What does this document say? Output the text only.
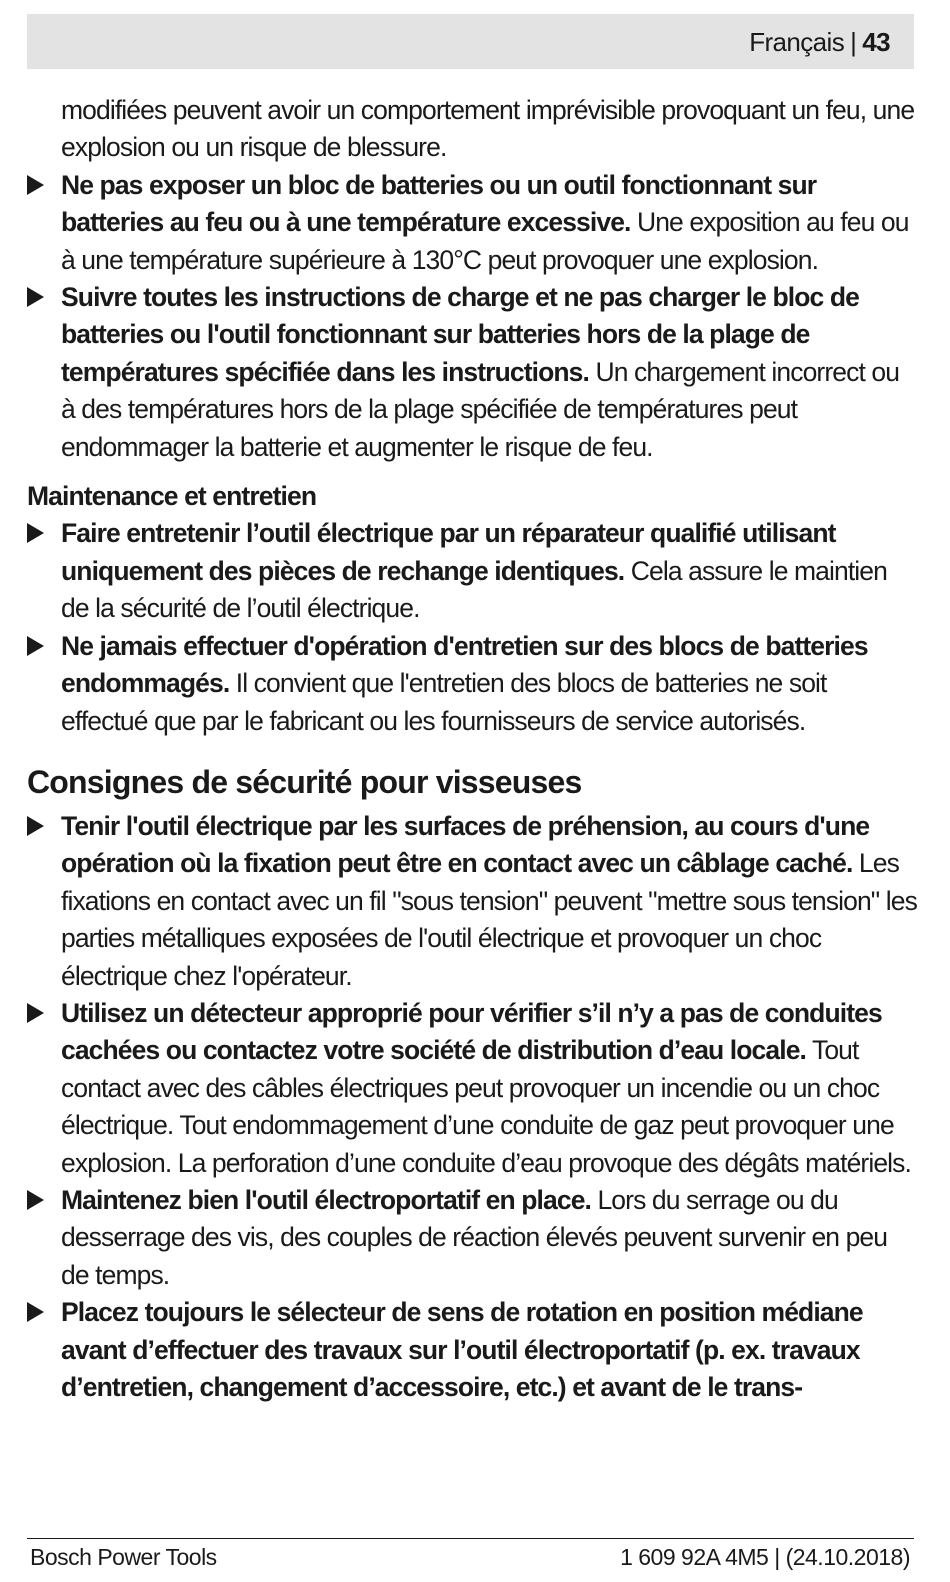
Français | 43

modifiées peuvent avoir un comportement imprévisible provoquant un feu, une explosion ou un risque de blessure.

Ne pas exposer un bloc de batteries ou un outil fonctionnant sur batteries au feu ou à une température excessive. Une exposition au feu ou à une température supérieure à 130°C peut provoquer une explosion.
Suivre toutes les instructions de charge et ne pas charger le bloc de batteries ou l'outil fonctionnant sur batteries hors de la plage de températures spécifiée dans les instructions. Un chargement incorrect ou à des températures hors de la plage spécifiée de températures peut endommager la batterie et augmenter le risque de feu.
Maintenance et entretien
Faire entretenir l’outil électrique par un réparateur qualifié utilisant uniquement des pièces de rechange identiques. Cela assure le maintien de la sécurité de l’outil électrique.
Ne jamais effectuer d'opération d'entretien sur des blocs de batteries endommagés. Il convient que l'entretien des blocs de batteries ne soit effectué que par le fabricant ou les fournisseurs de service autorisés.
Consignes de sécurité pour visseuses
Tenir l'outil électrique par les surfaces de préhension, au cours d'une opération où la fixation peut être en contact avec un câblage caché. Les fixations en contact avec un fil "sous tension" peuvent "mettre sous tension" les parties métalliques exposées de l'outil électrique et provoquer un choc électrique chez l'opérateur.
Utilisez un détecteur approprié pour vérifier s’il n’y a pas de conduites cachées ou contactez votre société de distribution d’eau locale. Tout contact avec des câbles électriques peut provoquer un incendie ou un choc électrique. Tout endommagement d’une conduite de gaz peut provoquer une explosion. La perforation d’une conduite d’eau provoque des dégâts matériels.
Maintenez bien l'outil électroportatif en place. Lors du serrage ou du desserrage des vis, des couples de réaction élevés peuvent survenir en peu de temps.
Placez toujours le sélecteur de sens de rotation en position médiane avant d’effectuer des travaux sur l’outil électroportatif (p. ex. travaux d’entretien, changement d’accessoire, etc.) et avant de le trans-
Bosch Power Tools	1 609 92A 4M5 | (24.10.2018)
